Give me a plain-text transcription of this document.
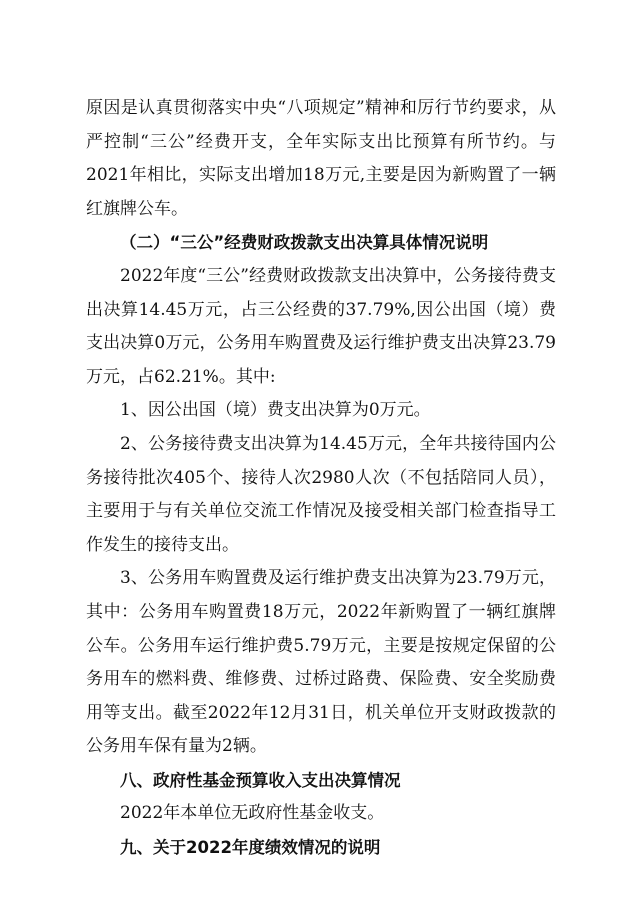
原因是认真贯彻落实中央“八项规定”精神和厉行节约要求，从严控制“三公”经费开支，全年实际支出比预算有所节约。与2021年相比，实际支出增加18万元,主要是因为新购置了一辆红旗牌公车。

（二）“三公”经费财政拨款支出决算具体情况说明

2022年度“三公”经费财政拨款支出决算中，公务接待费支出决算14.45万元，占三公经费的37.79%,因公出国（境）费支出决算0万元，公务用车购置费及运行维护费支出决算23.79万元，占62.21%。其中:

1、因公出国（境）费支出决算为0万元。

2、公务接待费支出决算为14.45万元，全年共接待国内公务接待批次405个、接待人次2980人次（不包括陪同人员），主要用于与有关单位交流工作情况及接受相关部门检查指导工作发生的接待支出。

3、公务用车购置费及运行维护费支出决算为23.79万元，其中：公务用车购置费18万元，2022年新购置了一辆红旗牌公车。公务用车运行维护费5.79万元，主要是按规定保留的公务用车的燃料费、维修费、过桥过路费、保险费、安全奖励费用等支出。截至2022年12月31日，机关单位开支财政拨款的公务用车保有量为2辆。

八、政府性基金预算收入支出决算情况

2022年本单位无政府性基金收支。

九、关于2022年度绩效情况的说明
